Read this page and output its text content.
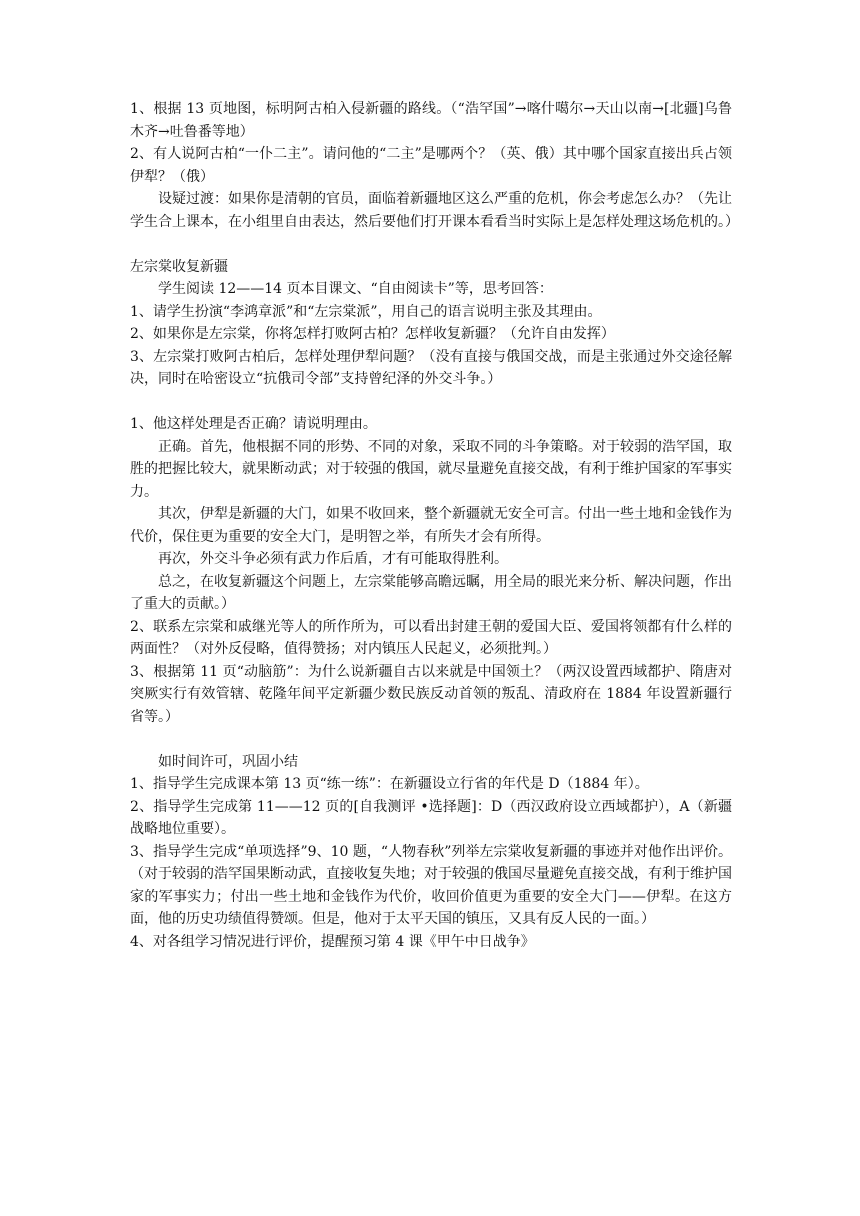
1、根据 13 页地图，标明阿古柏入侵新疆的路线。（“浩罕国”→喀什噶尔→天山以南→[北疆]乌鲁木齐→吐鲁番等地）

2、有人说阿古柏“一仆二主”。请问他的“二主”是哪两个？（英、俄）其中哪个国家直接出兵占领伊犁？（俄）

设疑过渡：如果你是清朝的官员，面临着新疆地区这么严重的危机，你会考虑怎么办？（先让学生合上课本，在小组里自由表达，然后要他们打开课本看看当时实际上是怎样处理这场危机的。）

左宗棠收复新疆

学生阅读 12——14 页本目课文、“自由阅读卡”等，思考回答：

1、请学生扮演“李鸿章派”和“左宗棠派”，用自己的语言说明主张及其理由。

2、如果你是左宗棠，你将怎样打败阿古柏？怎样收复新疆？（允许自由发挥）

3、左宗棠打败阿古柏后，怎样处理伊犁问题？（没有直接与俄国交战，而是主张通过外交途径解决，同时在哈密设立“抗俄司令部”支持曾纪泽的外交斗争。）

1、他这样处理是否正确？请说明理由。

正确。首先，他根据不同的形势、不同的对象，采取不同的斗争策略。对于较弱的浩罕国，取胜的把握比较大，就果断动武；对于较强的俄国，就尽量避免直接交战，有利于维护国家的军事实力。

其次，伊犁是新疆的大门，如果不收回来，整个新疆就无安全可言。付出一些土地和金钱作为代价，保住更为重要的安全大门，是明智之举，有所失才会有所得。

再次，外交斗争必须有武力作后盾，才有可能取得胜利。

总之，在收复新疆这个问题上，左宗棠能够高瞻远瞩，用全局的眼光来分析、解决问题，作出了重大的贡献。）

2、联系左宗棠和戚继光等人的所作所为，可以看出封建王朝的爱国大臣、爱国将领都有什么样的两面性？（对外反侵略，值得赞扬；对内镇压人民起义，必须批判。）

3、根据第 11 页“动脑筋”：为什么说新疆自古以来就是中国领土？（两汉设置西域都护、隋唐对突厥实行有效管辖、乾隆年间平定新疆少数民族反动首领的叛乱、清政府在 1884 年设置新疆行省等。）

如时间许可，巩固小结

1、指导学生完成课本第 13 页“练一练”：在新疆设立行省的年代是 D（1884 年）。

2、指导学生完成第 11——12 页的[自我测评 •选择题]：D（西汉政府设立西域都护），A（新疆战略地位重要）。

3、指导学生完成“单项选择”9、10 题，“人物春秋”列举左宗棠收复新疆的事迹并对他作出评价。（对于较弱的浩罕国果断动武，直接收复失地；对于较强的俄国尽量避免直接交战，有利于维护国家的军事实力；付出一些土地和金钱作为代价，收回价值更为重要的安全大门——伊犁。在这方面，他的历史功绩值得赞颂。但是，他对于太平天国的镇压，又具有反人民的一面。）

4、对各组学习情况进行评价，提醒预习第 4 课《甲午中日战争》
